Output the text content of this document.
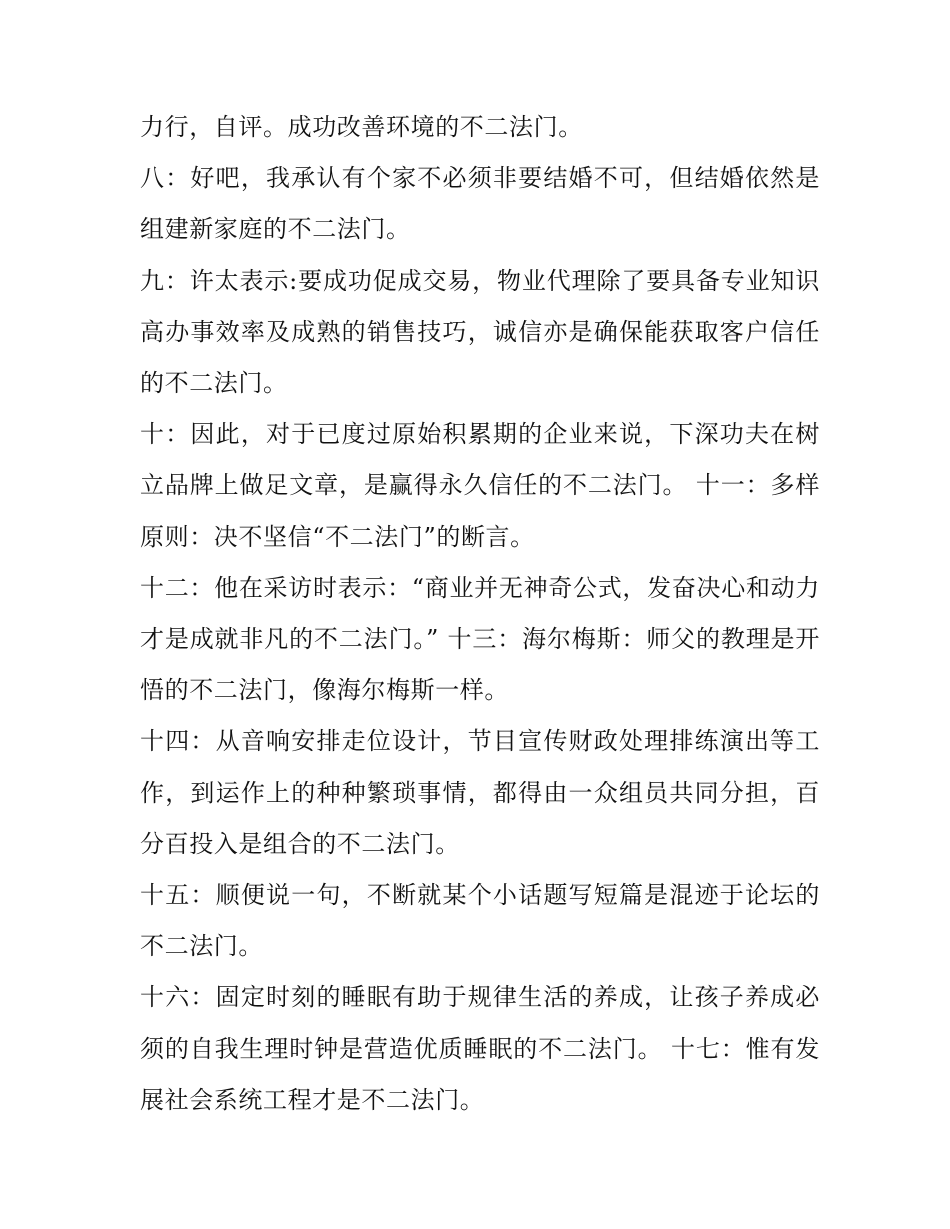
力行，自评。成功改善环境的不二法门。

八：好吧，我承认有个家不必须非要结婚不可，但结婚依然是组建新家庭的不二法门。

九：许太表示:要成功促成交易，物业代理除了要具备专业知识高办事效率及成熟的销售技巧，诚信亦是确保能获取客户信任的不二法门。

十：因此，对于已度过原始积累期的企业来说，下深功夫在树立品牌上做足文章，是赢得永久信任的不二法门。 十一：多样原则：决不坚信“不二法门”的断言。

十二：他在采访时表示：“商业并无神奇公式，发奋决心和动力才是成就非凡的不二法门。” 十三：海尔梅斯：师父的教理是开悟的不二法门，像海尔梅斯一样。

十四：从音响安排走位设计，节目宣传财政处理排练演出等工作，到运作上的种种繁琐事情，都得由一众组员共同分担，百分百投入是组合的不二法门。

十五：顺便说一句，不断就某个小话题写短篇是混迹于论坛的不二法门。

十六：固定时刻的睡眠有助于规律生活的养成，让孩子养成必须的自我生理时钟是营造优质睡眠的不二法门。 十七：惟有发展社会系统工程才是不二法门。
